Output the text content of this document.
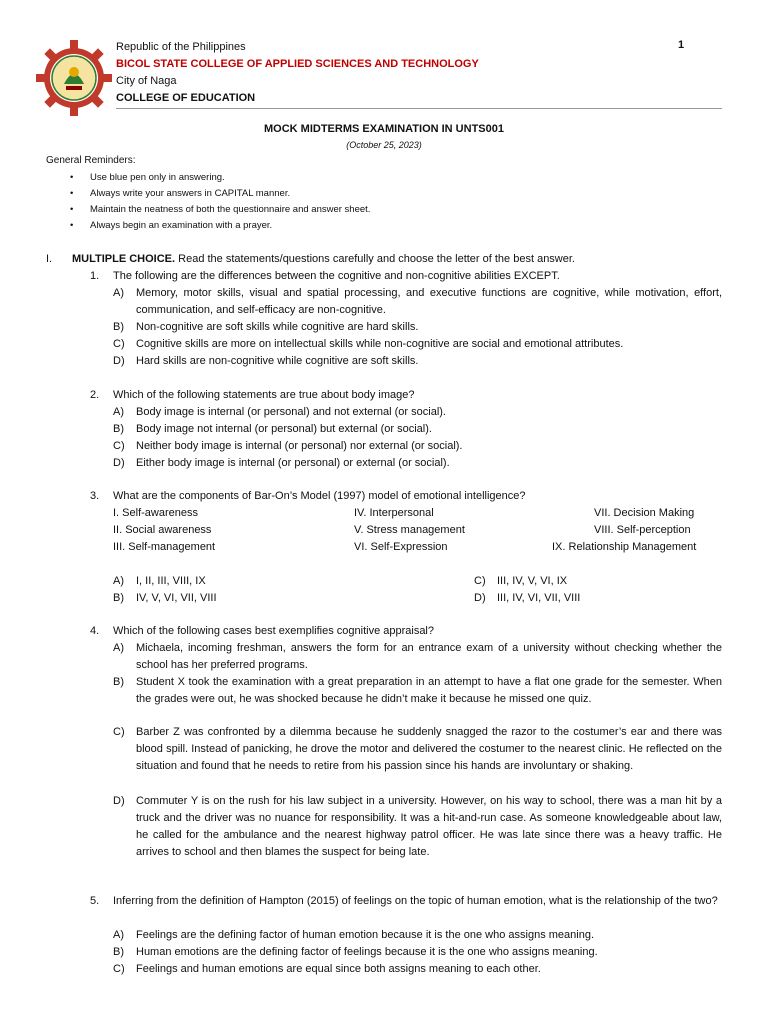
Republic of the Philippines
BICOL STATE COLLEGE OF APPLIED SCIENCES AND TECHNOLOGY
City of Naga
COLLEGE OF EDUCATION
1
MOCK MIDTERMS EXAMINATION IN UNTS001
(October 25, 2023)
General Reminders:
• Use blue pen only in answering.
• Always write your answers in CAPITAL manner.
• Maintain the neatness of both the questionnaire and answer sheet.
• Always begin an examination with a prayer.
I. MULTIPLE CHOICE. Read the statements/questions carefully and choose the letter of the best answer.
1. The following are the differences between the cognitive and non-cognitive abilities EXCEPT.
A) Memory, motor skills, visual and spatial processing, and executive functions are cognitive, while motivation, effort, communication, and self-efficacy are non-cognitive.
B) Non-cognitive are soft skills while cognitive are hard skills.
C) Cognitive skills are more on intellectual skills while non-cognitive are social and emotional attributes.
D) Hard skills are non-cognitive while cognitive are soft skills.
2. Which of the following statements are true about body image?
A) Body image is internal (or personal) and not external (or social).
B) Body image not internal (or personal) but external (or social).
C) Neither body image is internal (or personal) nor external (or social).
D) Either body image is internal (or personal) or external (or social).
3. What are the components of Bar-On’s Model (1997) model of emotional intelligence?
I. Self-awareness	IV. Interpersonal	VII. Decision Making
II. Social awareness	V. Stress management	VIII. Self-perception
III. Self-management	VI. Self-Expression	IX. Relationship Management
A) I, II, III, VIII, IX	C) III, IV, V, VI, IX
B) IV, V, VI, VII, VIII	D) III, IV, VI, VII, VIII
4. Which of the following cases best exemplifies cognitive appraisal?
A) Michaela, incoming freshman, answers the form for an entrance exam of a university without checking whether the school has her preferred programs.
B) Student X took the examination with a great preparation in an attempt to have a flat one grade for the semester. When the grades were out, he was shocked because he didn’t make it because he missed one quiz.
C) Barber Z was confronted by a dilemma because he suddenly snagged the razor to the costumer’s ear and there was blood spill. Instead of panicking, he drove the motor and delivered the costumer to the nearest clinic. He reflected on the situation and found that he needs to retire from his passion since his hands are involuntary or shaking.
D) Commuter Y is on the rush for his law subject in a university. However, on his way to school, there was a man hit by a truck and the driver was no nuance for responsibility. It was a hit-and-run case. As someone knowledgeable about law, he called for the ambulance and the nearest highway patrol officer. He was late since there was a heavy traffic. He arrives to school and then blames the suspect for being late.
5. Inferring from the definition of Hampton (2015) of feelings on the topic of human emotion, what is the relationship of the two?
A) Feelings are the defining factor of human emotion because it is the one who assigns meaning.
B) Human emotions are the defining factor of feelings because it is the one who assigns meaning.
C) Feelings and human emotions are equal since both assigns meaning to each other.
